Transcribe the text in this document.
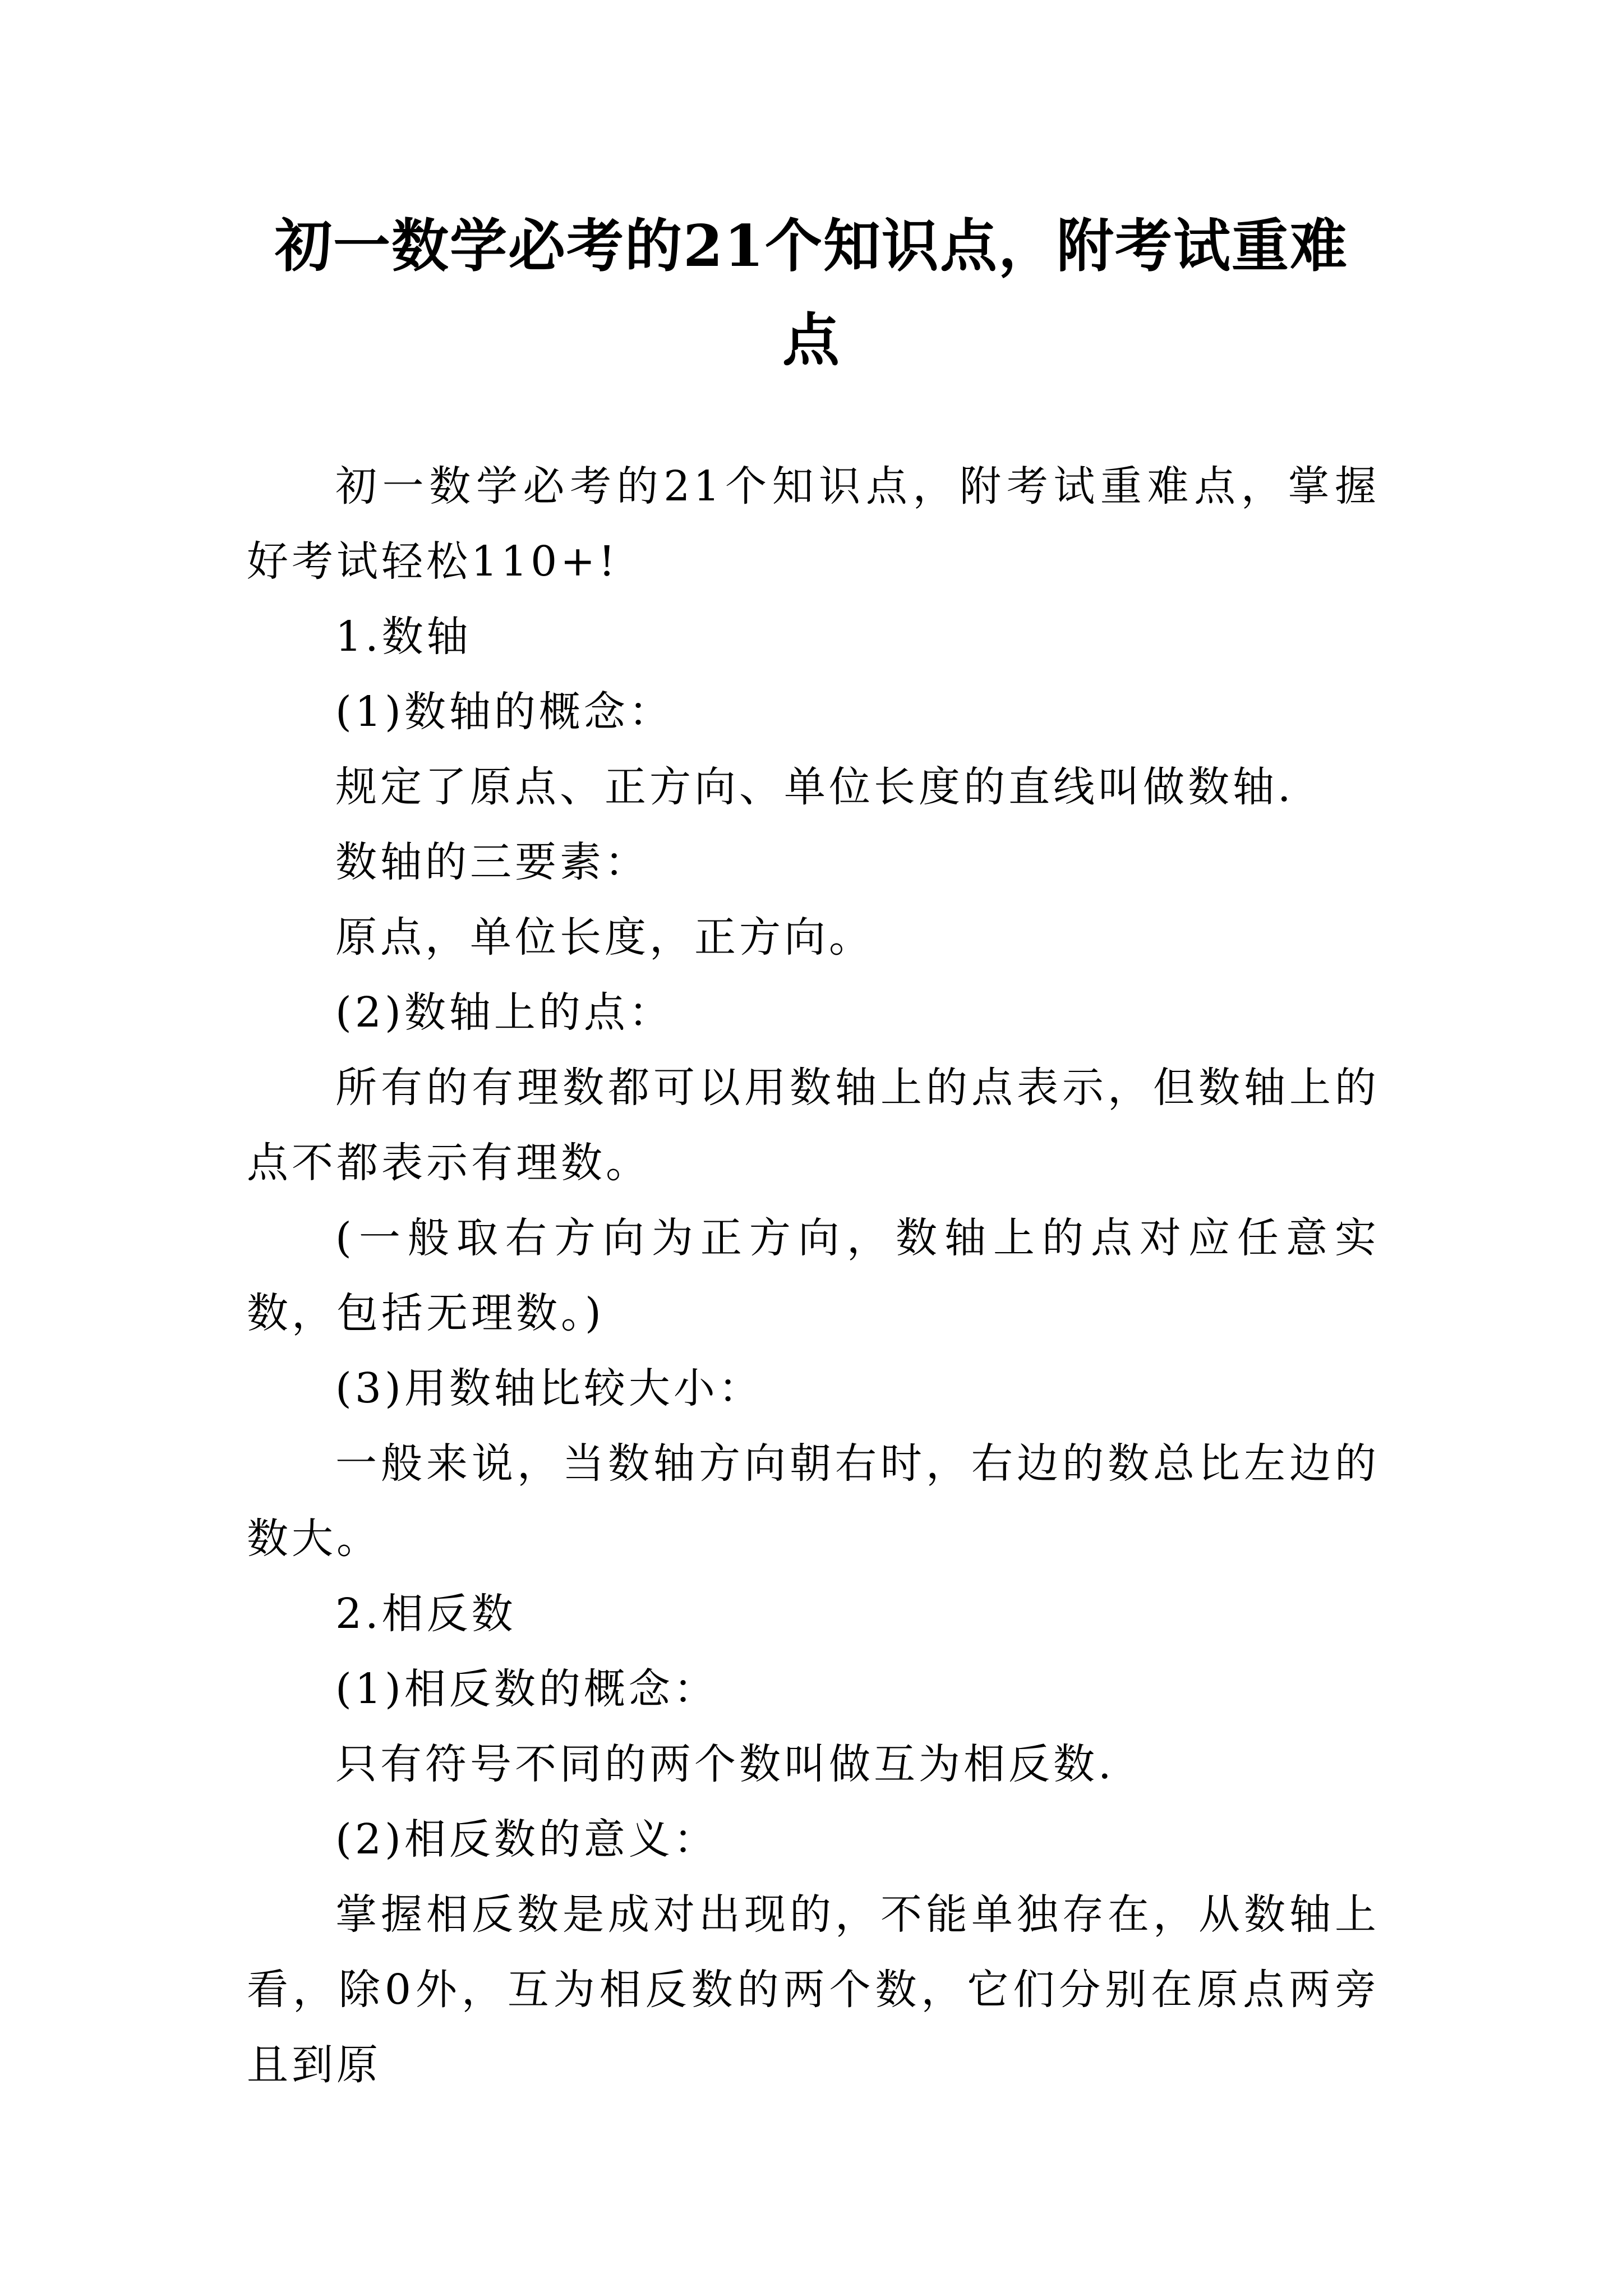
初一数学必考的21个知识点，附考试重难
点

初一数学必考的21个知识点，附考试重难点，掌握好考试轻松110+!

1.数轴

(1)数轴的概念：

规定了原点、正方向、单位长度的直线叫做数轴.

数轴的三要素：

原点，单位长度，正方向。

(2)数轴上的点：

所有的有理数都可以用数轴上的点表示，但数轴上的点不都表示有理数。

(一般取右方向为正方向，数轴上的点对应任意实数，包括无理数。)

(3)用数轴比较大小：

一般来说，当数轴方向朝右时，右边的数总比左边的数大。

2.相反数

(1)相反数的概念：

只有符号不同的两个数叫做互为相反数.

(2)相反数的意义：

掌握相反数是成对出现的，不能单独存在，从数轴上看，除0外，互为相反数的两个数，它们分别在原点两旁且到原
